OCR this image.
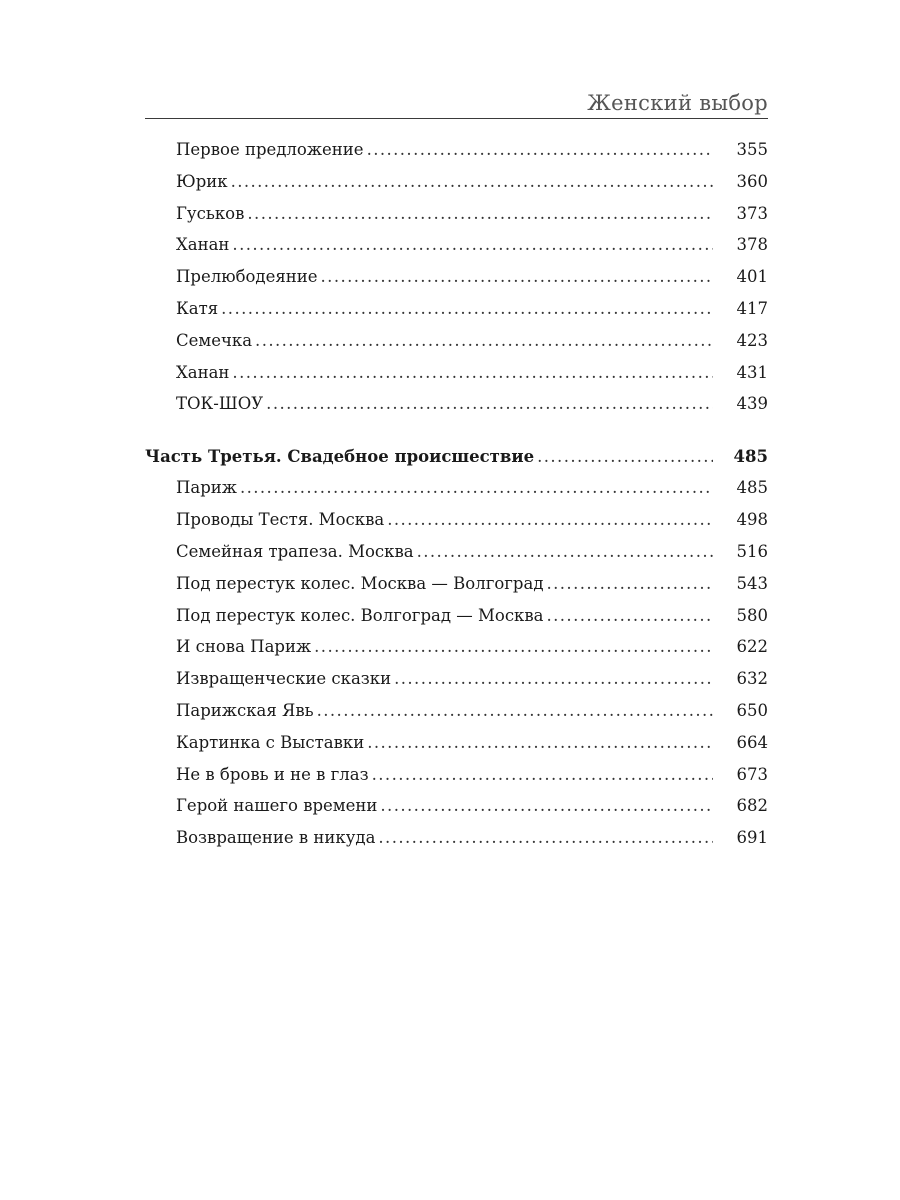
Женский выбор
Первое предложение .....	355
Юрик .....	360
Гуськов .....	373
Ханан .....	378
Прелюбодеяние .....	401
Катя .....	417
Семечка .....	423
Ханан .....	431
ТОК-ШОУ .....	439
Часть Третья. Свадебное происшествие .....	485
Париж .....	485
Проводы Тестя. Москва .....	498
Семейная трапеза. Москва .....	516
Под перестук колес. Москва — Волгоград .....	543
Под перестук колес. Волгоград — Москва .....	580
И снова Париж .....	622
Извращенческие сказки .....	632
Парижская Явь .....	650
Картинка с Выставки .....	664
Не в бровь и не в глаз .....	673
Герой нашего времени .....	682
Возвращение в никуда .....	691
